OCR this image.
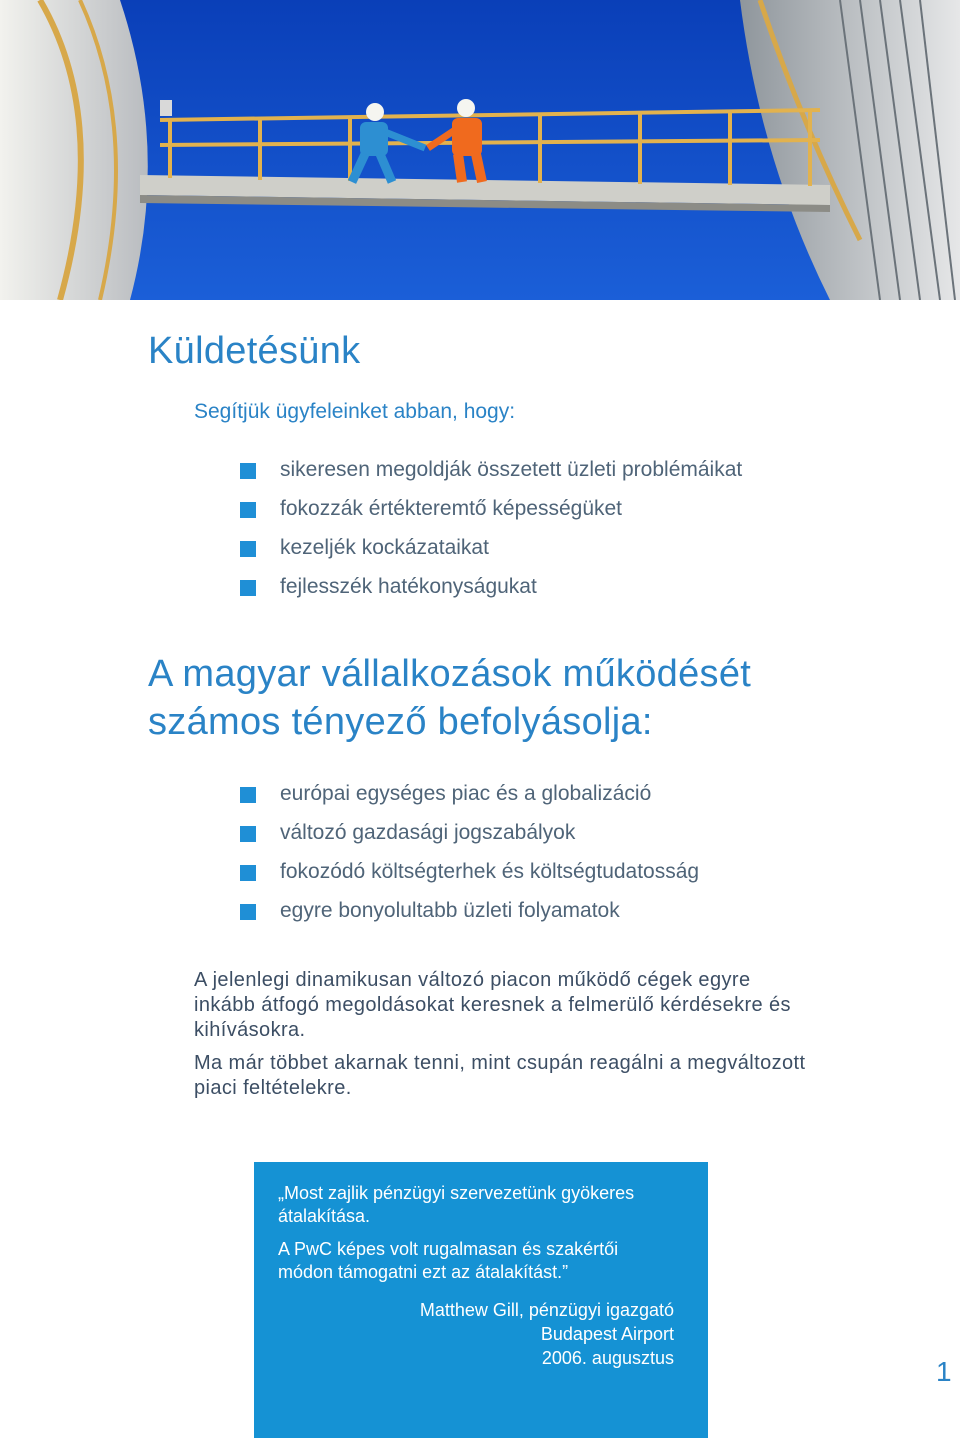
Küldetésünk

Segítjük ügyfeleinket abban, hogy:

sikeresen megoldják összetett üzleti problémáikat
fokozzák értékteremtő képességüket
kezeljék kockázataikat
fejlesszék hatékonyságukat
A magyar vállalkozások működését
számos tényező befolyásolja:
európai egységes piac és a globalizáció
változó gazdasági jogszabályok
fokozódó költségterhek és költségtudatosság
egyre bonyolultabb üzleti folyamatok

A jelenlegi dinamikusan változó piacon működő cégek egyre inkább átfogó megoldásokat keresnek a felmerülő kérdésekre és kihívásokra.

Ma már többet akarnak tenni, mint csupán reagálni a megváltozott piaci feltételekre.

„Most zajlik pénzügyi szervezetünk gyökeres átalakítása.

A PwC képes volt rugalmasan és szakértői módon támogatni ezt az átalakítást.”

Matthew Gill, pénzügyi igazgató
Budapest Airport
2006. augusztus	1
